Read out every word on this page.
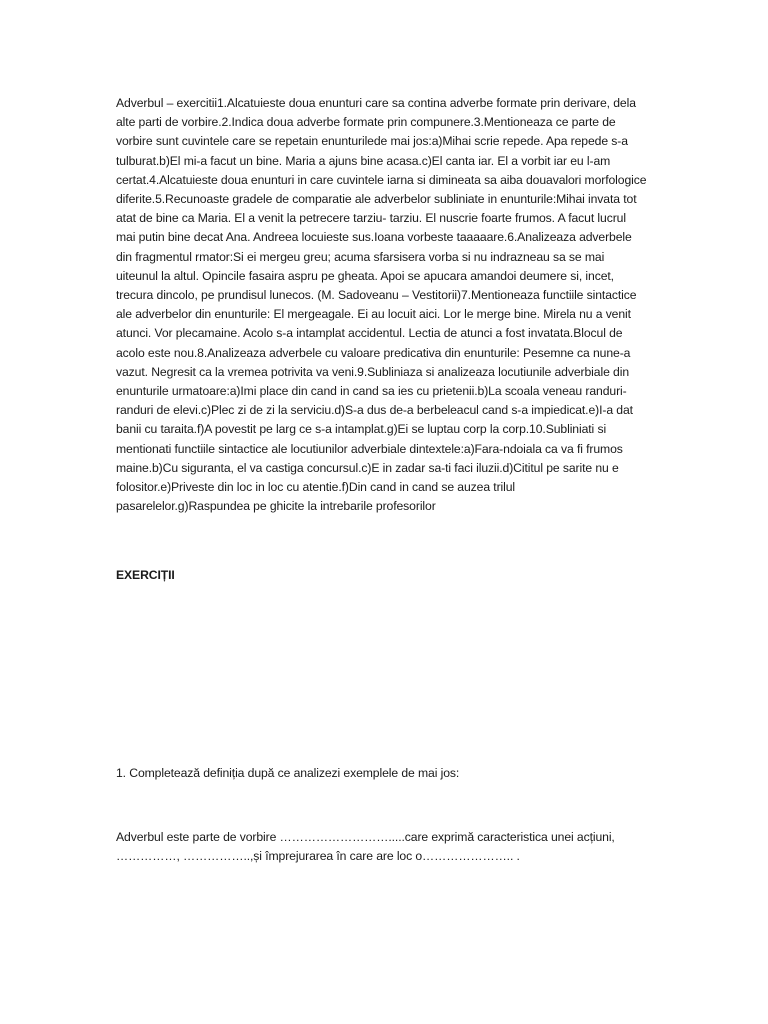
Adverbul – exercitii1.Alcatuieste doua enunturi care sa contina adverbe formate prin derivare, dela alte parti de vorbire.2.Indica doua adverbe formate prin compunere.3.Mentioneaza ce parte de vorbire sunt cuvintele care se repetain enunturilede mai jos:a)Mihai scrie repede. Apa repede s-a tulburat.b)El mi-a facut un bine. Maria a ajuns bine acasa.c)El canta iar. El a vorbit iar eu l-am certat.4.Alcatuieste doua enunturi in care cuvintele iarna si dimineata sa aiba douavalori morfologice diferite.5.Recunoaste gradele de comparatie ale adverbelor subliniate in enunturile:Mihai invata tot atat de bine ca Maria. El a venit la petrecere tarziu- tarziu. El nuscrie foarte frumos. A facut lucrul mai putin bine decat Ana. Andreea locuieste sus.Ioana vorbeste taaaaare.6.Analizeaza adverbele din fragmentul rmator:Si ei mergeu greu; acuma sfarsisera vorba si nu indrazneau sa se mai uiteunul la altul. Opincile fasaira aspru pe gheata. Apoi se apucara amandoi deumere si, incet, trecura dincolo, pe prundisul lunecos. (M. Sadoveanu – Vestitorii)7.Mentioneaza functiile sintactice ale adverbelor din enunturile: El mergeagale. Ei au locuit aici. Lor le merge bine. Mirela nu a venit atunci. Vor plecamaine. Acolo s-a intamplat accidentul. Lectia de atunci a fost invatata.Blocul de acolo este nou.8.Analizeaza adverbele cu valoare predicativa din enunturile: Pesemne ca nune-a vazut. Negresit ca la vremea potrivita va veni.9.Subliniaza si analizeaza locutiunile adverbiale din enunturile urmatoare:a)Imi place din cand in cand sa ies cu prietenii.b)La scoala veneau randuri-randuri de elevi.c)Plec zi de zi la serviciu.d)S-a dus de-a berbeleacul cand s-a impiedicat.e)I-a dat banii cu taraita.f)A povestit pe larg ce s-a intamplat.g)Ei se luptau corp la corp.10.Subliniati si mentionati functiile sintactice ale locutiunilor adverbiale dintextele:a)Fara-ndoiala ca va fi frumos maine.b)Cu siguranta, el va castiga concursul.c)E in zadar sa-ti faci iluzii.d)Cititul pe sarite nu e folositor.e)Priveste din loc in loc cu atentie.f)Din cand in cand se auzea trilul pasarelelor.g)Raspundea pe ghicite la intrebarile profesorilor
EXERCIȚII
1. Completează definiția după ce analizezi exemplele de mai jos:
Adverbul este parte de vorbire ……………………….....care exprimă caracteristica unei acțiuni, ……………, ……………..,și împrejurarea în care are loc o………………….. .
